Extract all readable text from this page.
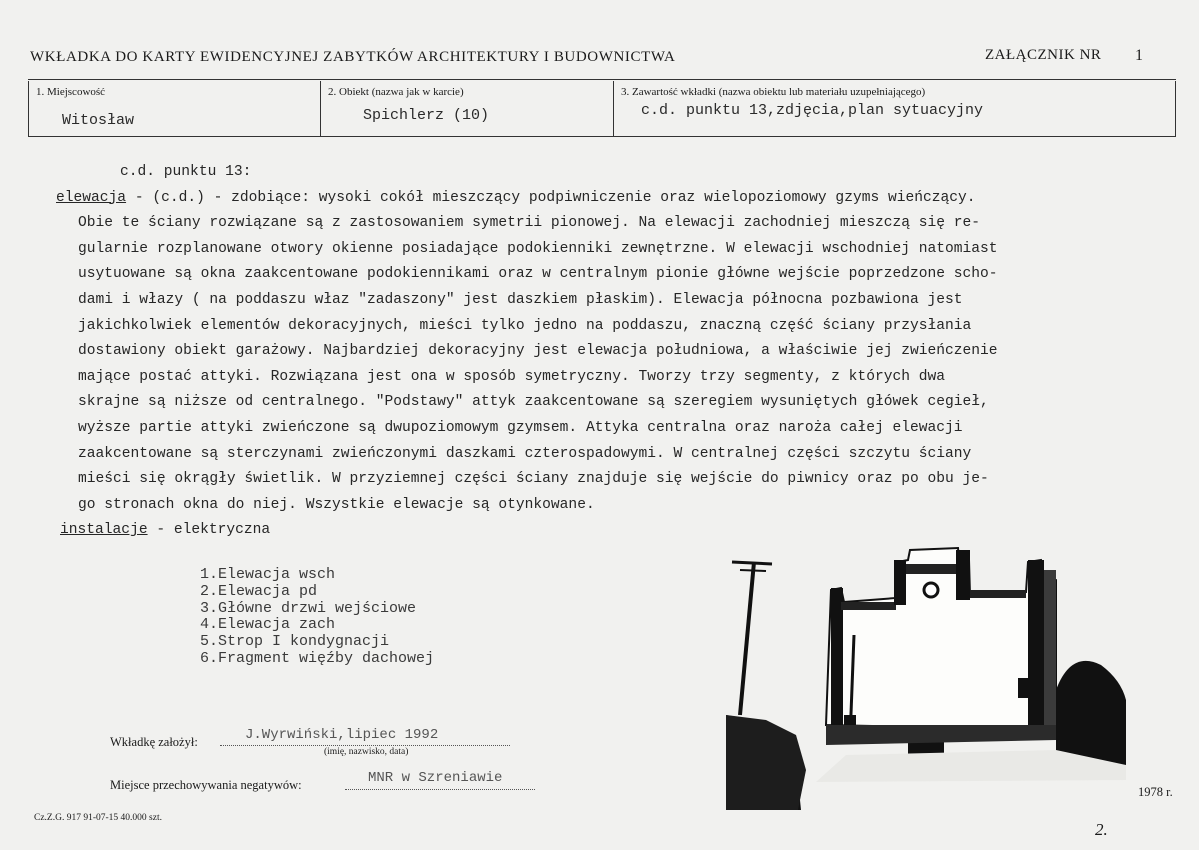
WKŁADKA DO KARTY EWIDENCYJNEJ ZABYTKÓW ARCHITEKTURY I BUDOWNICTWA	ZAŁĄCZNIK NR 1
1. Miejscowość
Witosław
2. Obiekt (nazwa jak w karcie)
Spichlerz (10)
3. Zawartość wkładki (nazwa obiektu lub materiału uzupełniającego)
c.d. punktu 13,zdjęcia,plan sytuacyjny
c.d. punktu 13:
elewacja - (c.d.) - zdobiące: wysoki cokół mieszczący podpiwniczenie oraz wielopoziomowy gzyms wieńczący.
Obie te ściany rozwiązane są z zastosowaniem symetrii pionowej. Na elewacji zachodniej mieszczą się re-
gularnie rozplanowane otwory okienne posiadające podokienniki zewnętrzne. W elewacji wschodniej natomiast
usytuowane są okna zaakcentowane podokiennikami oraz w centralnym pionie główne wejście poprzedzone scho-
dami i włazy ( na poddaszu właz "zadaszony" jest daszkiem płaskim). Elewacja północna pozbawiona jest
jakichkolwiek elementów dekoracyjnych, mieści tylko jedno na poddaszu, znaczną część ściany przysłania
dostawiony obiekt garażowy. Najbardziej dekoracyjny jest elewacja południowa, a właściwie jej zwieńczenie
mające postać attyki. Rozwiązana jest ona w sposób symetryczny. Tworzy trzy segmenty, z których dwa
skrajne są niższe od centralnego. "Podstawy" attyk zaakcentowane są szeregiem wysuniętych główek cegieł,
wyższe partie attyki zwieńczone są dwupoziomowym gzymsem. Attyka centralna oraz naroża całej elewacji
zaakcentowane są sterczynami zwieńczonymi daszkami czterospadowymi. W centralnej części szczytu ściany
mieści się okrągły świetlik. W przyziemnej części ściany znajduje się wejście do piwnicy oraz po obu je-
go stronach okna do niej. Wszystkie elewacje są otynkowane.
instalacje - elektryczna
1.Elewacja wsch
2.Elewacja pd
3.Główne drzwi wejściowe
4.Elewacja zach
5.Strop I kondygnacji
6.Fragment więźby dachowej
Wkładkę założył:	J.Wyrwiński,lipiec 1992
(imię, nazwisko, data)
Miejsce przechowywania negatywów:	MNR w Szreniawie
1978 r.
Cz.Z.G. 917 91-07-15 40.000 szt.
2.
